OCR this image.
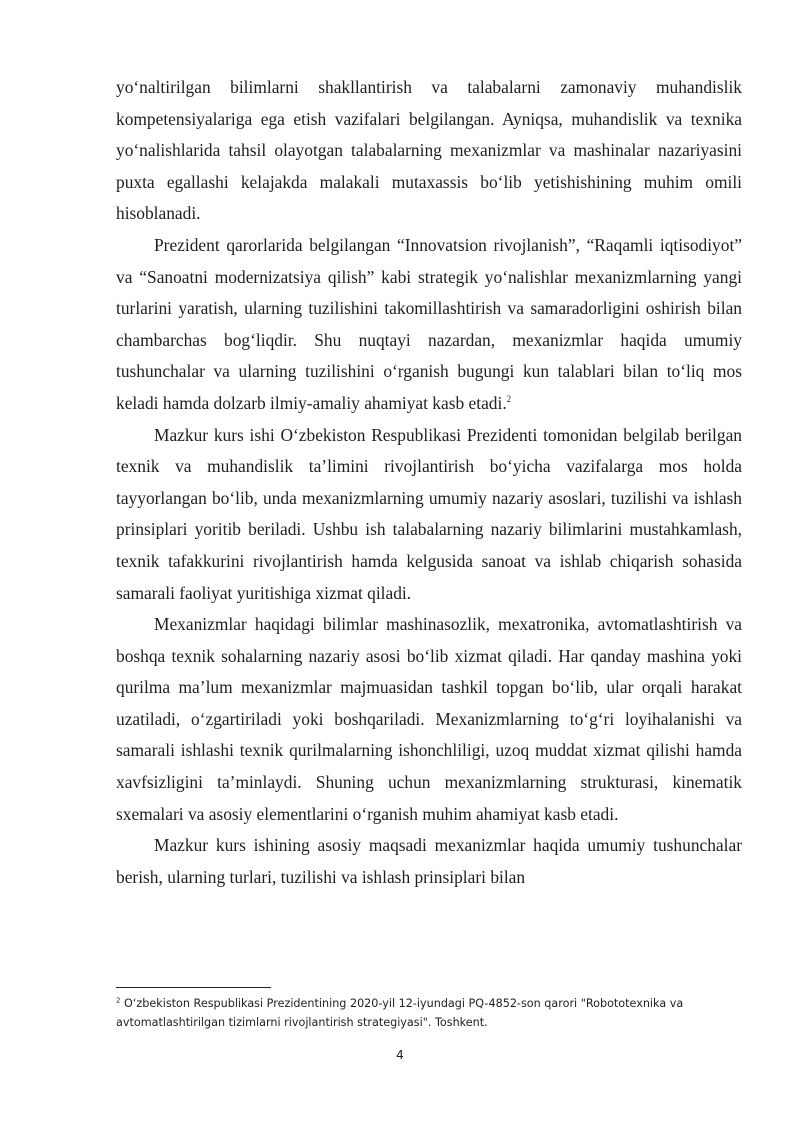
yo‘naltirilgan bilimlarni shakllantirish va talabalarni zamonaviy muhandislik kompetensiyalariga ega etish vazifalari belgilangan. Ayniqsa, muhandislik va texnika yo‘nalishlarida tahsil olayotgan talabalarning mexanizmlar va mashinalar nazariyasini puxta egallashi kelajakda malakali mutaxassis bo‘lib yetishishining muhim omili hisoblanadi.

Prezident qarorlarida belgilangan “Innovatsion rivojlanish”, “Raqamli iqtisodiyot” va “Sanoatni modernizatsiya qilish” kabi strategik yo‘nalishlar mexanizmlarning yangi turlarini yaratish, ularning tuzilishini takomillashtirish va samaradorligini oshirish bilan chambarchas bog‘liqdir. Shu nuqtayi nazardan, mexanizmlar haqida umumiy tushunchalar va ularning tuzilishini o‘rganish bugungi kun talablari bilan to‘liq mos keladi hamda dolzarb ilmiy-amaliy ahamiyat kasb etadi.$^2$

Mazkur kurs ishi O‘zbekiston Respublikasi Prezidenti tomonidan belgilab berilgan texnik va muhandislik ta’limini rivojlantirish bo‘yicha vazifalarga mos holda tayyorlangan bo‘lib, unda mexanizmlarning umumiy nazariy asoslari, tuzilishi va ishlash prinsiplari yoritib beriladi. Ushbu ish talabalarning nazariy bilimlarini mustahkamlash, texnik tafakkurini rivojlantirish hamda kelgusida sanoat va ishlab chiqarish sohasida samarali faoliyat yuritishiga xizmat qiladi.

Mexanizmlar haqidagi bilimlar mashinasozlik, mexatronika, avtomatlashtirish va boshqa texnik sohalarning nazariy asosi bo‘lib xizmat qiladi. Har qanday mashina yoki qurilma ma’lum mexanizmlar majmuasidan tashkil topgan bo‘lib, ular orqali harakat uzatiladi, o‘zgartiriladi yoki boshqariladi. Mexanizmlarning to‘g‘ri loyihalanishi va samarali ishlashi texnik qurilmalarning ishonchliligi, uzoq muddat xizmat qilishi hamda xavfsizligini ta’minlaydi. Shuning uchun mexanizmlarning strukturasi, kinematik sxemalari va asosiy elementlarini o‘rganish muhim ahamiyat kasb etadi.

Mazkur kurs ishining asosiy maqsadi mexanizmlar haqida umumiy tushunchalar berish, ularning turlari, tuzilishi va ishlash prinsiplari bilan

$^2$ O‘zbekiston Respublikasi Prezidentining 2020-yil 12-iyundagi PQ-4852-son qarori "Robototexnika va avtomatlashtirilgan tizimlarni rivojlantirish strategiyasi". Toshkent.

4
